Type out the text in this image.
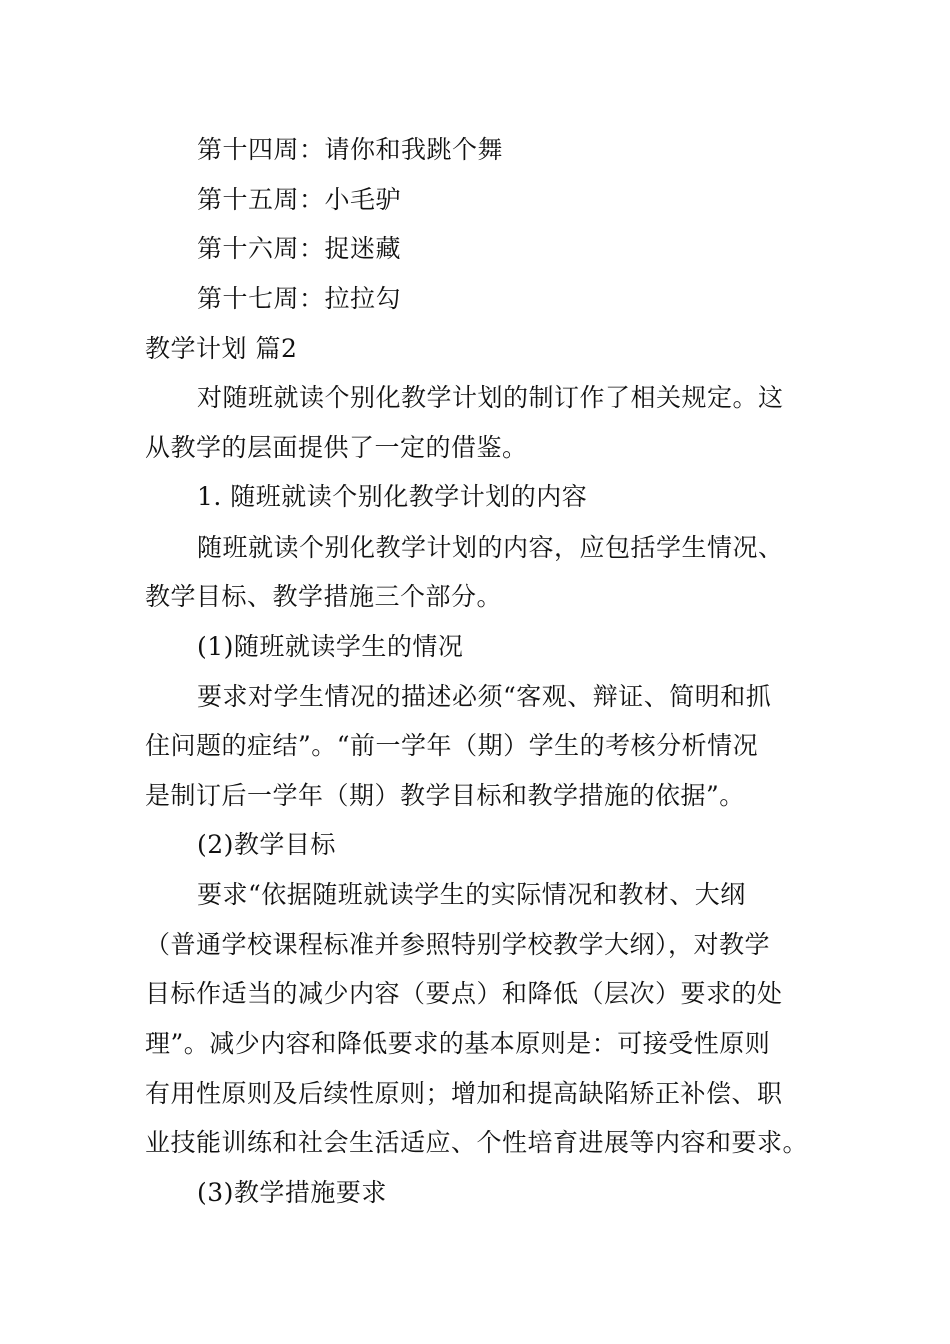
第十四周：请你和我跳个舞
第十五周：小毛驴
第十六周：捉迷藏
第十七周：拉拉勾
教学计划 篇2
对随班就读个别化教学计划的制订作了相关规定。这
从教学的层面提供了一定的借鉴。
1. 随班就读个别化教学计划的内容
随班就读个别化教学计划的内容，应包括学生情况、
教学目标、教学措施三个部分。
(1)随班就读学生的情况
要求对学生情况的描述必须“客观、辩证、简明和抓
住问题的症结”。“前一学年（期）学生的考核分析情况
是制订后一学年（期）教学目标和教学措施的依据”。
(2)教学目标
要求“依据随班就读学生的实际情况和教材、大纲
（普通学校课程标准并参照特别学校教学大纲），对教学
目标作适当的减少内容（要点）和降低（层次）要求的处
理”。减少内容和降低要求的基本原则是：可接受性原则
有用性原则及后续性原则；增加和提高缺陷矫正补偿、职
业技能训练和社会生活适应、个性培育进展等内容和要求。
(3)教学措施要求
